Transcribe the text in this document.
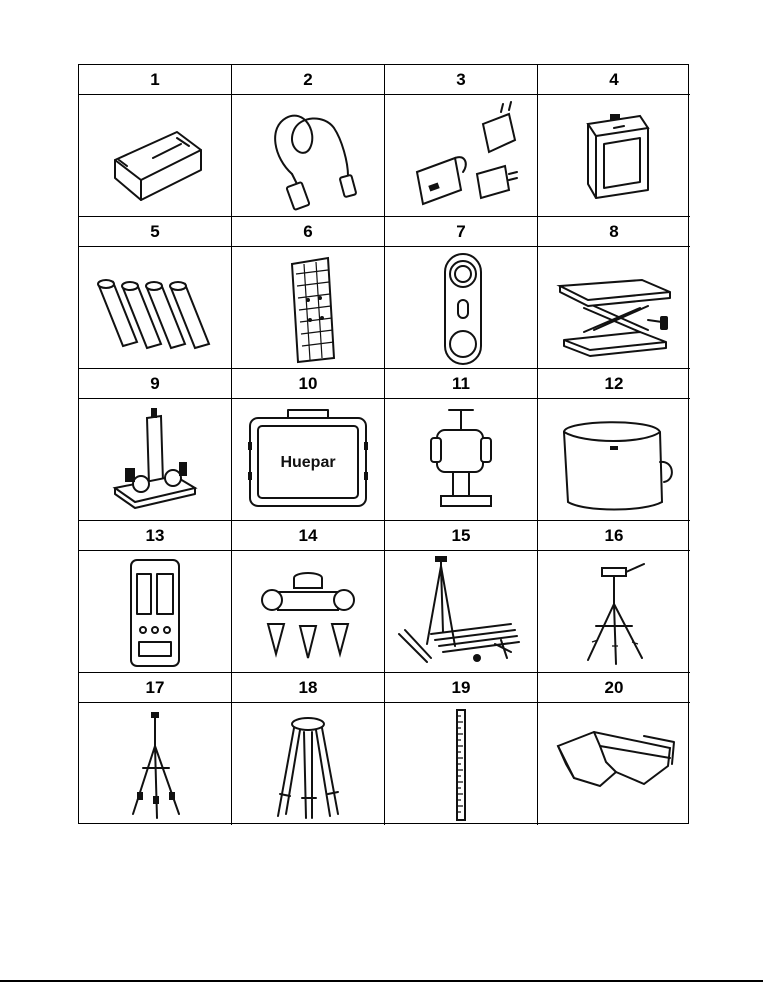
1	2	3	4
5	6	7	8
9	10	11	12
Huepar
13	14	15	16
17	18	19	20
